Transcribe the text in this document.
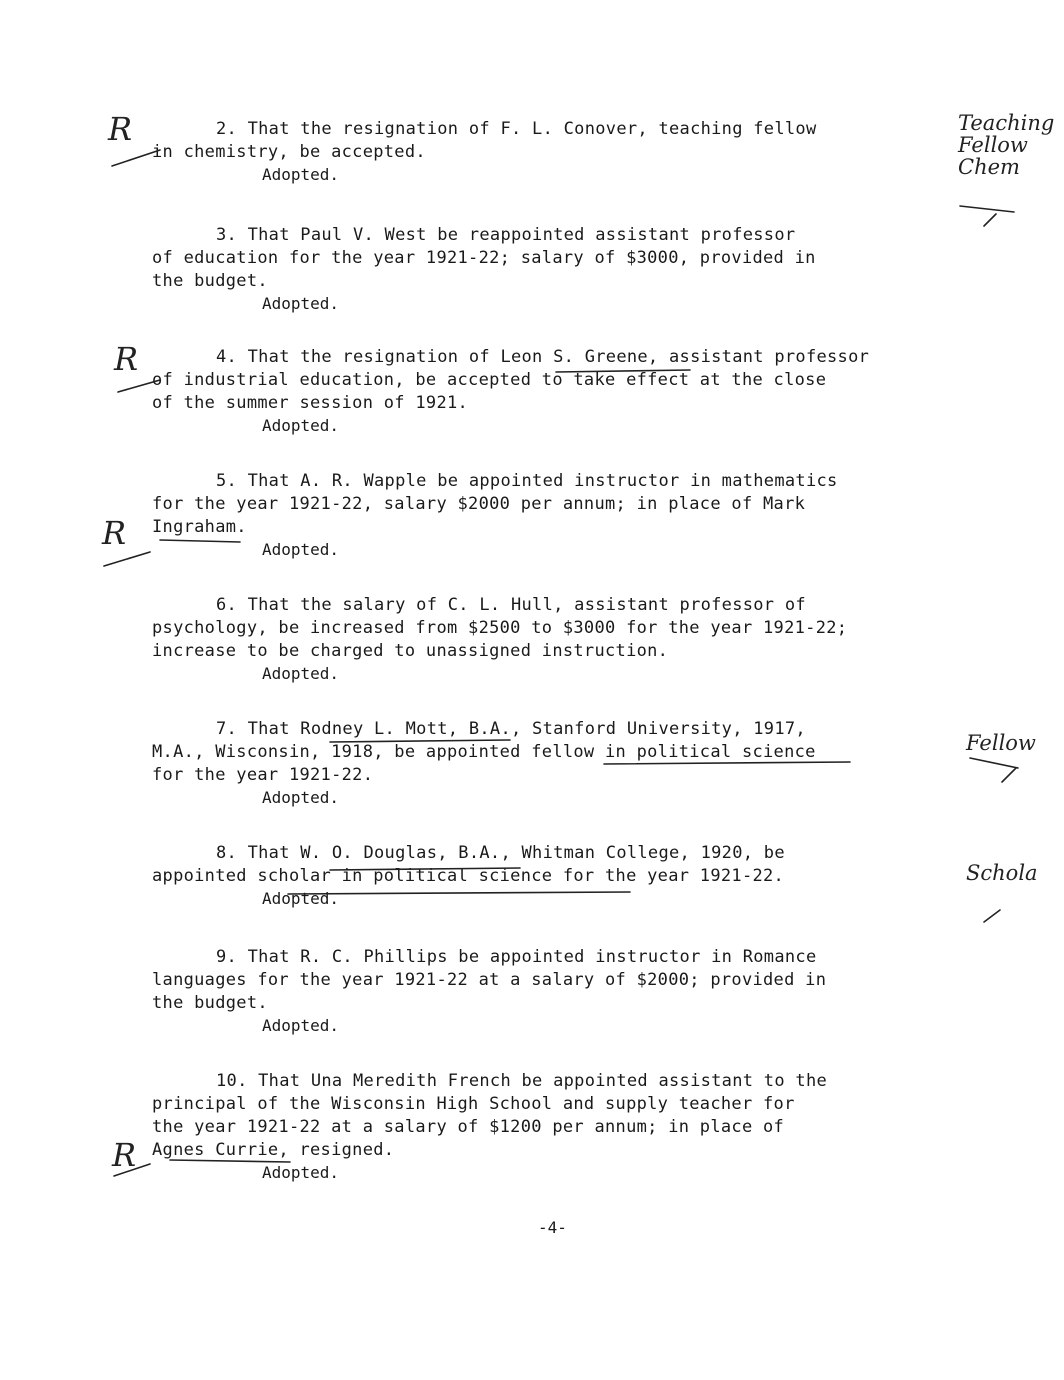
2. That the resignation of F. L. Conover, teaching fellow
in chemistry, be accepted.
Adopted.
3. That Paul V. West be reappointed assistant professor
of education for the year 1921-22; salary of $3000, provided in
the budget.
Adopted.
4. That the resignation of Leon S. Greene, assistant professor
of industrial education, be accepted to take effect at the close
of the summer session of 1921.
Adopted.
5. That A. R. Wapple be appointed instructor in mathematics
for the year 1921-22, salary $2000 per annum; in place of Mark
Ingraham.
Adopted.
6. That the salary of C. L. Hull, assistant professor of
psychology, be increased from $2500 to $3000 for the year 1921-22;
increase to be charged to unassigned instruction.
Adopted.
7. That Rodney L. Mott, B.A., Stanford University, 1917,
M.A., Wisconsin, 1918, be appointed fellow in political science
for the year 1921-22.
Adopted.
8. That W. O. Douglas, B.A., Whitman College, 1920, be
appointed scholar in political science for the year 1921-22.
Adopted.
9. That R. C. Phillips be appointed instructor in Romance
languages for the year 1921-22 at a salary of $2000; provided in
the budget.
Adopted.
10. That Una Meredith French be appointed assistant to the
principal of the Wisconsin High School and supply teacher for
the year 1921-22 at a salary of $1200 per annum; in place of
Agnes Currie, resigned.
Adopted.
Teaching
Fellow
Chem
Fellow
Schola
R
R
R
R
-4-
